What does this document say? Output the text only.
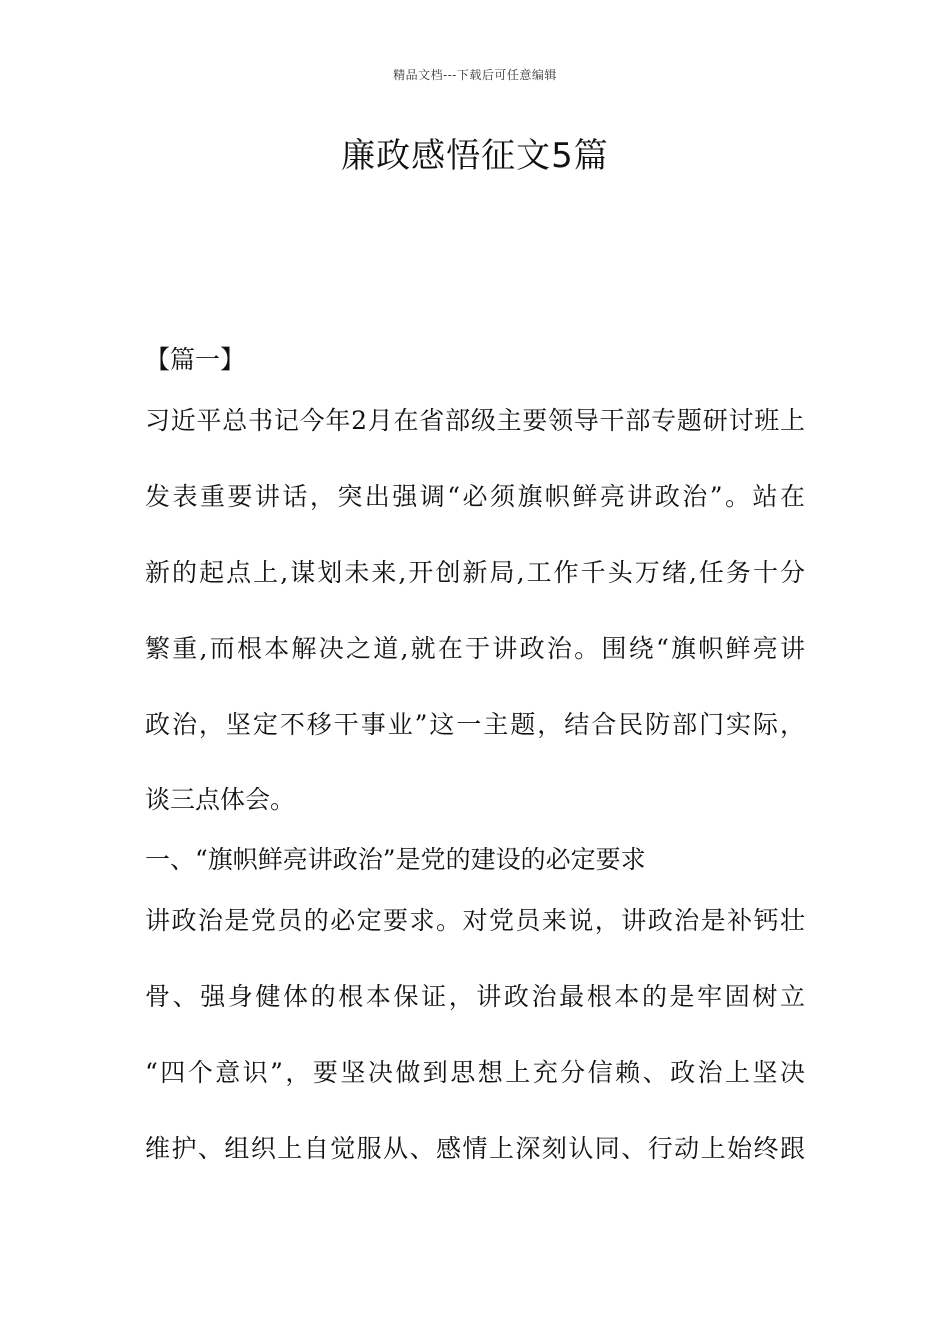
精品文档---下载后可任意编辑
廉政感悟征文5篇
【篇一】
习近平总书记今年2月在省部级主要领导干部专题研讨班上
发表重要讲话，突出强调“必须旗帜鲜亮讲政治”。站在
新的起点上,谋划未来,开创新局,工作千头万绪,任务十分
繁重,而根本解决之道,就在于讲政治。围绕“旗帜鲜亮讲
政治，坚定不移干事业”这一主题，结合民防部门实际，
谈三点体会。
一、“旗帜鲜亮讲政治”是党的建设的必定要求
讲政治是党员的必定要求。对党员来说，讲政治是补钙壮
骨、强身健体的根本保证，讲政治最根本的是牢固树立
“四个意识”，要坚决做到思想上充分信赖、政治上坚决
维护、组织上自觉服从、感情上深刻认同、行动上始终跟
